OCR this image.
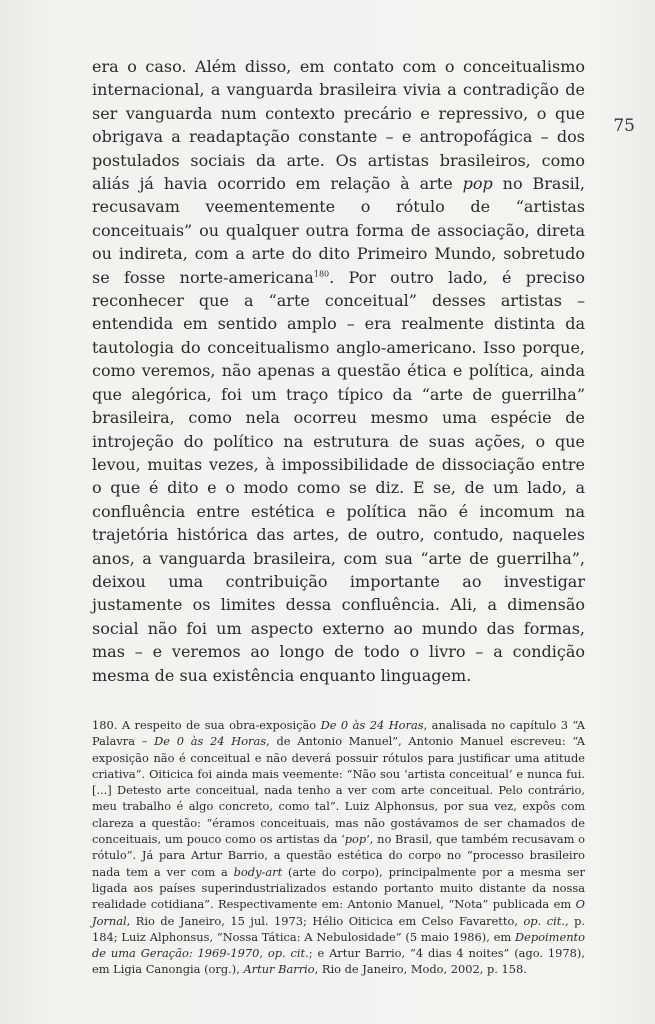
75
era o caso. Além disso, em contato com o conceitualismo internacional, a vanguarda brasileira vivia a contradição de ser vanguarda num contexto precário e repressivo, o que obrigava a readaptação constante – e antropofágica – dos postulados sociais da arte. Os artistas brasileiros, como aliás já havia ocorrido em relação à arte pop no Brasil, recusavam veementemente o rótulo de “artistas conceituais” ou qualquer outra forma de associação, direta ou indireta, com a arte do dito Primeiro Mundo, sobretudo se fosse norte-americana$^{180}$. Por outro lado, é preciso reconhecer que a “arte conceitual” desses artistas – entendida em sentido amplo – era realmente distinta da tautologia do conceitualismo anglo-americano. Isso porque, como veremos, não apenas a questão ética e política, ainda que alegórica, foi um traço típico da “arte de guerrilha” brasileira, como nela ocorreu mesmo uma espécie de introjeção do político na estrutura de suas ações, o que levou, muitas vezes, à impossibilidade de dissociação entre o que é dito e o modo como se diz. E se, de um lado, a confluência entre estética e política não é incomum na trajetória histórica das artes, de outro, contudo, naqueles anos, a vanguarda brasileira, com sua “arte de guerrilha”, deixou uma contribuição importante ao investigar justamente os limites dessa confluência. Ali, a dimensão social não foi um aspecto externo ao mundo das formas, mas – e veremos ao longo de todo o livro – a condição mesma de sua existência enquanto linguagem.
180. A respeito de sua obra-exposição De 0 às 24 Horas, analisada no capítulo 3 “A Palavra – De 0 às 24 Horas, de Antonio Manuel”, Antonio Manuel escreveu: “A exposição não é conceitual e não deverá possuir rótulos para justificar uma atitude criativa”. Oiticica foi ainda mais veemente: “Não sou ‘artista conceitual’ e nunca fui. [...] Detesto arte conceitual, nada tenho a ver com arte conceitual. Pelo contrário, meu trabalho é algo concreto, como tal”. Luiz Alphonsus, por sua vez, expôs com clareza a questão: “éramos conceituais, mas não gostávamos de ser chamados de conceituais, um pouco como os artistas da ‘pop’, no Brasil, que também recusavam o rótulo”. Já para Artur Barrio, a questão estética do corpo no “processo brasileiro nada tem a ver com a body-art (arte do corpo), principalmente por a mesma ser ligada aos países superindustrializados estando portanto muito distante da nossa realidade cotidiana”. Respectivamente em: Antonio Manuel, “Nota” publicada em O Jornal, Rio de Janeiro, 15 jul. 1973; Hélio Oiticica em Celso Favaretto, op. cit., p. 184; Luiz Alphonsus, “Nossa Tática: A Nebulosidade” (5 maio 1986), em Depoimento de uma Geração: 1969-1970, op. cit.; e Artur Barrio, “4 dias 4 noites” (ago. 1978), em Ligia Canongia (org.), Artur Barrio, Rio de Janeiro, Modo, 2002, p. 158.
